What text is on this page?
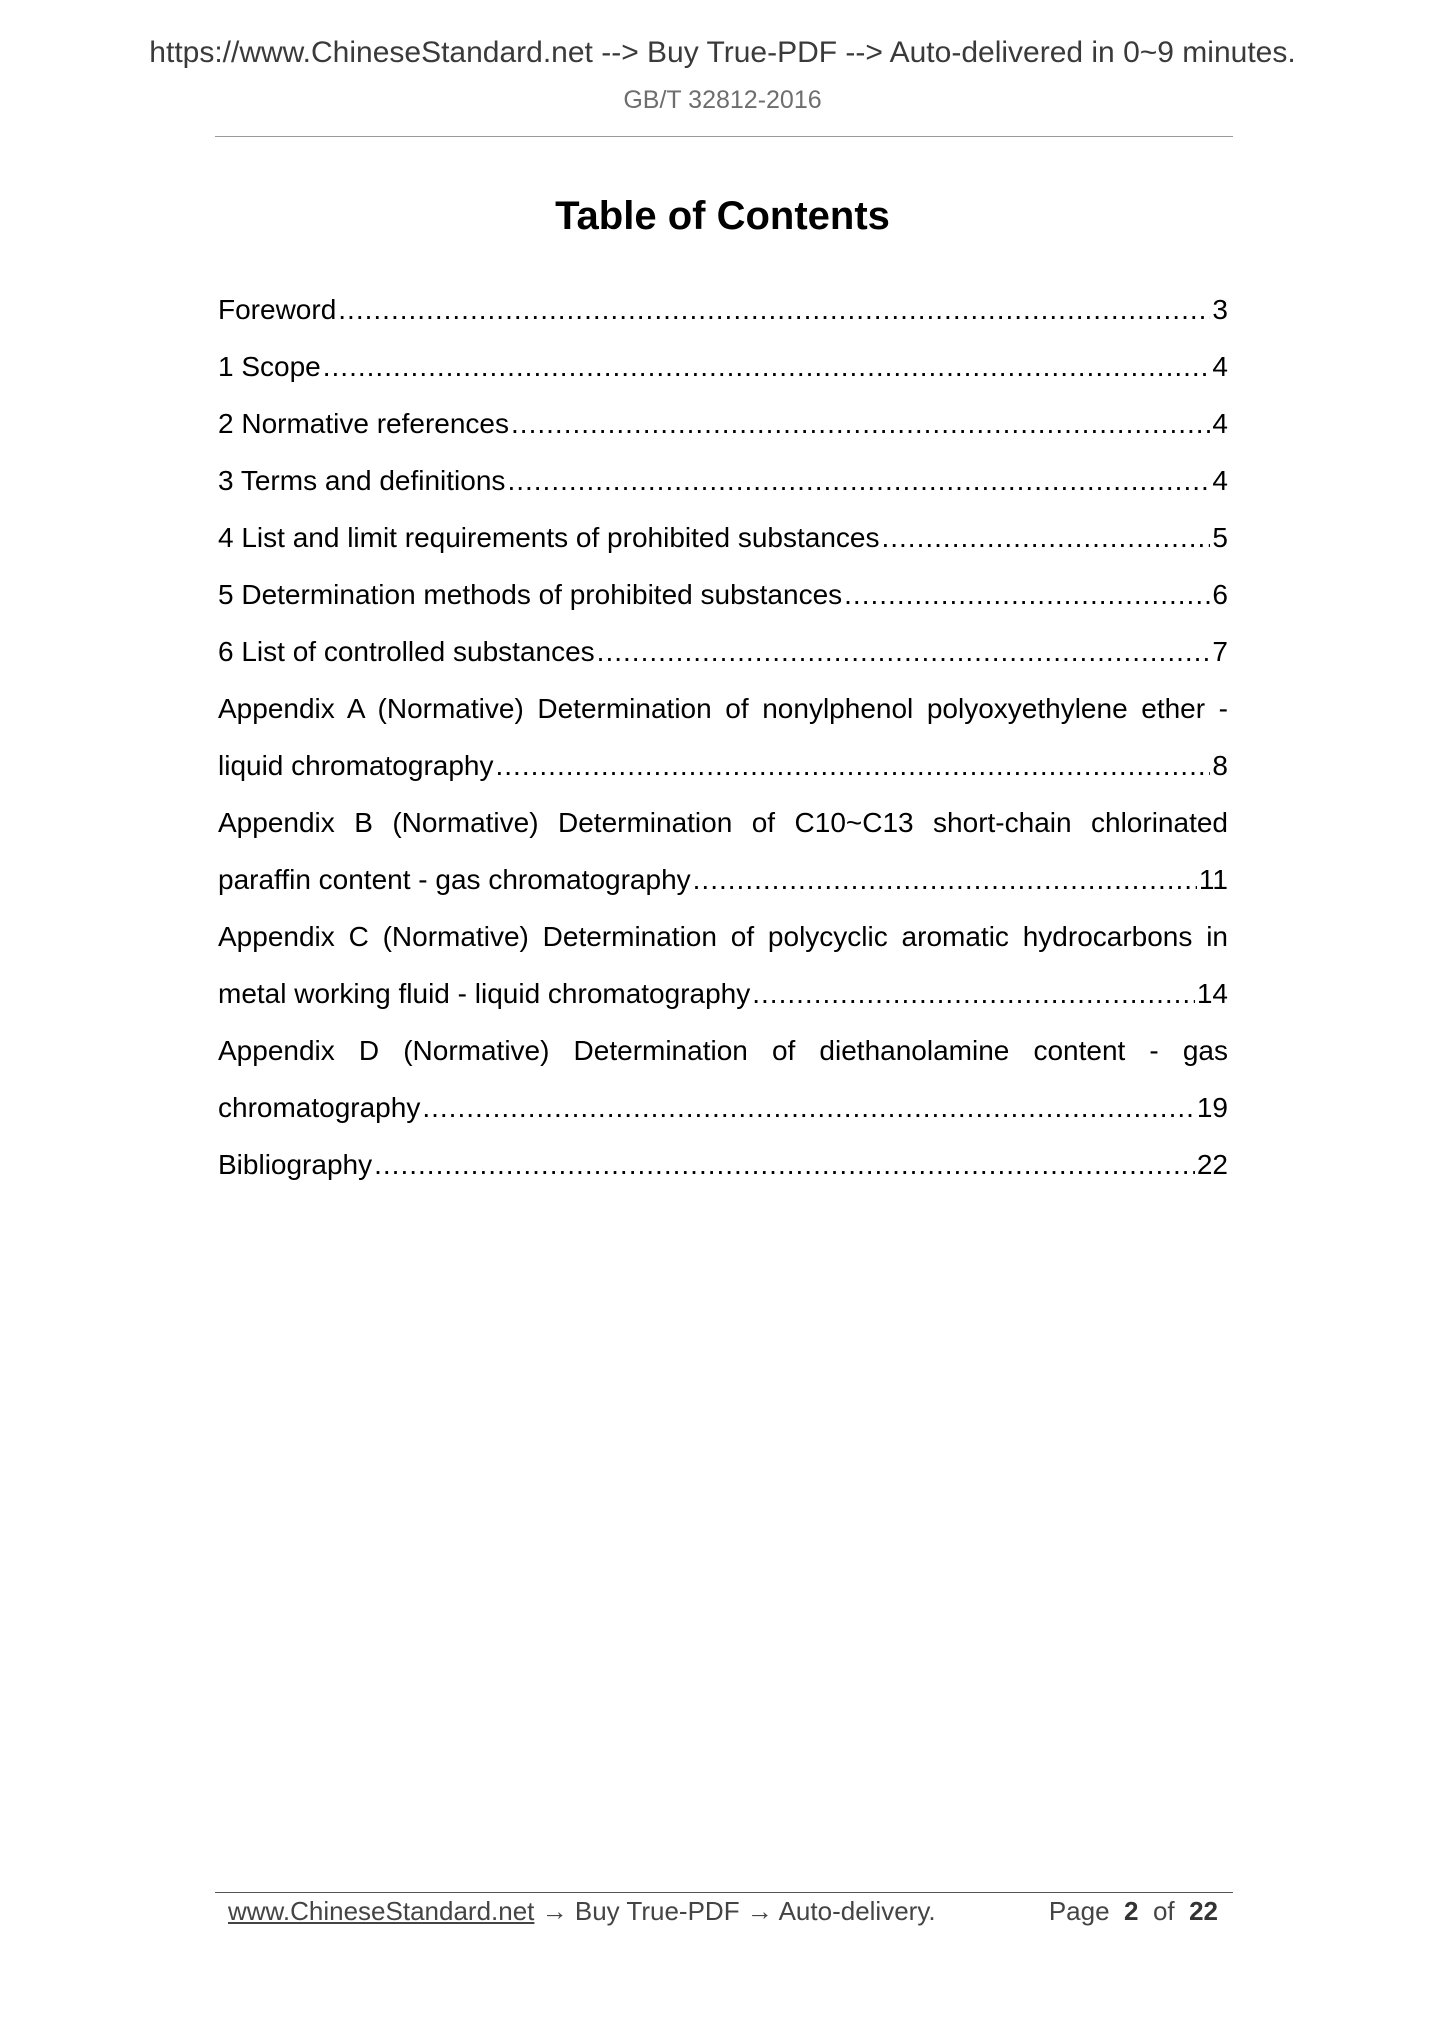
https://www.ChineseStandard.net --> Buy True-PDF --> Auto-delivered in 0~9 minutes.
GB/T 32812-2016
Table of Contents
Foreword .....	3
1 Scope .....	4
2 Normative references .....	4
3 Terms and definitions .....	4
4 List and limit requirements of prohibited substances .....	5
5 Determination methods of prohibited substances .....	6
6 List of controlled substances .....	7
Appendix A (Normative) Determination of nonylphenol polyoxyethylene ether -
liquid chromatography .....	8
Appendix B (Normative) Determination of C10~C13 short-chain chlorinated
paraffin content - gas chromatography .....	11
Appendix C (Normative) Determination of polycyclic aromatic hydrocarbons in
metal working fluid - liquid chromatography .....	14
Appendix D (Normative) Determination of diethanolamine content - gas
chromatography .....	19
Bibliography .....	22
www.ChineseStandard.net → Buy True-PDF → Auto-delivery.	Page 2 of 22
